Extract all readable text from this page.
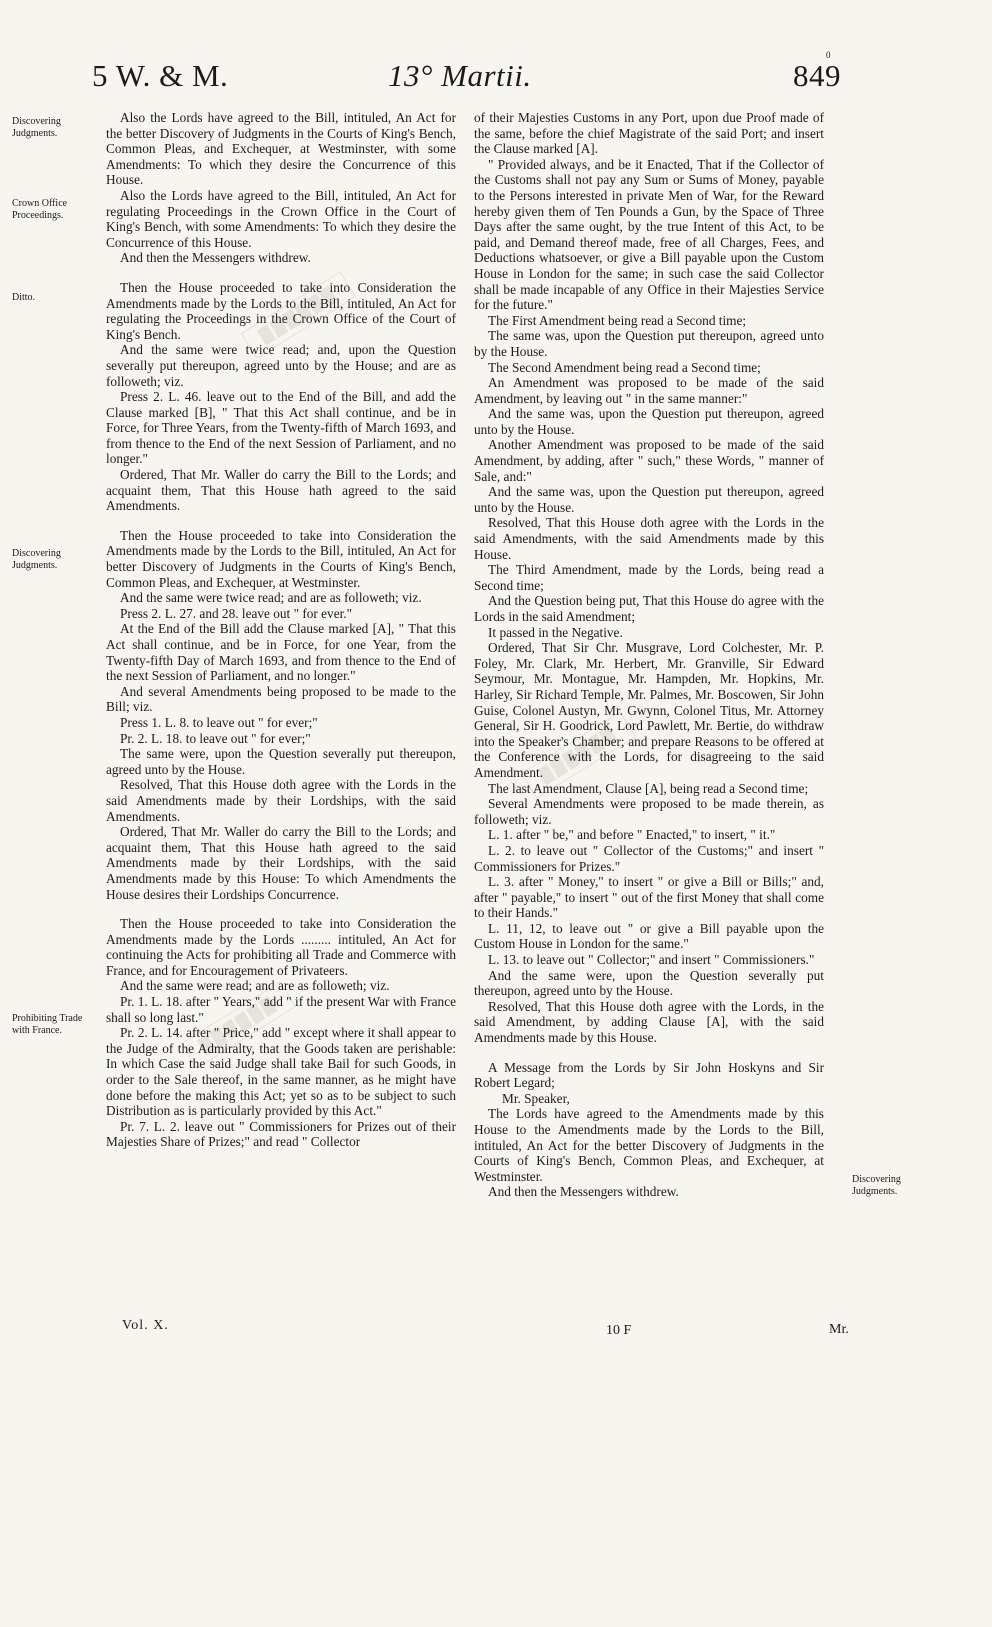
██████
██████
██████
5 W. & M.	13° Martii.	849
0
Discovering Judgments.
Crown Office Proceedings.
Ditto.
Discovering Judgments.
Prohibiting Trade with France.
Discovering Judgments.

Also the Lords have agreed to the Bill, intituled, An Act for the better Discovery of Judgments in the Courts of King's Bench, Common Pleas, and Exchequer, at Westminster, with some Amendments: To which they desire the Concurrence of this House.

Also the Lords have agreed to the Bill, intituled, An Act for regulating Proceedings in the Crown Office in the Court of King's Bench, with some Amendments: To which they desire the Concurrence of this House.

And then the Messengers withdrew.

Then the House proceeded to take into Consideration the Amendments made by the Lords to the Bill, intituled, An Act for regulating the Proceedings in the Crown Office of the Court of King's Bench.

And the same were twice read; and, upon the Question severally put thereupon, agreed unto by the House; and are as followeth; viz.

Press 2. L. 46. leave out to the End of the Bill, and add the Clause marked [B], " That this Act shall continue, and be in Force, for Three Years, from the Twenty-fifth of March 1693, and from thence to the End of the next Session of Parliament, and no longer."

Ordered, That Mr. Waller do carry the Bill to the Lords; and acquaint them, That this House hath agreed to the said Amendments.

Then the House proceeded to take into Consideration the Amendments made by the Lords to the Bill, intituled, An Act for better Discovery of Judgments in the Courts of King's Bench, Common Pleas, and Exchequer, at Westminster.

And the same were twice read; and are as followeth; viz.

Press 2. L. 27. and 28. leave out " for ever."

At the End of the Bill add the Clause marked [A], " That this Act shall continue, and be in Force, for one Year, from the Twenty-fifth Day of March 1693, and from thence to the End of the next Session of Parliament, and no longer."

And several Amendments being proposed to be made to the Bill; viz.

Press 1. L. 8. to leave out " for ever;"

Pr. 2. L. 18. to leave out " for ever;"

The same were, upon the Question severally put thereupon, agreed unto by the House.

Resolved, That this House doth agree with the Lords in the said Amendments made by their Lordships, with the said Amendments.

Ordered, That Mr. Waller do carry the Bill to the Lords; and acquaint them, That this House hath agreed to the said Amendments made by their Lordships, with the said Amendments made by this House: To which Amendments the House desires their Lordships Concurrence.

Then the House proceeded to take into Consideration the Amendments made by the Lords ......... intituled, An Act for continuing the Acts for prohibiting all Trade and Commerce with France, and for Encouragement of Privateers.

And the same were read; and are as followeth; viz.

Pr. 1. L. 18. after " Years," add " if the present War with France shall so long last."

Pr. 2. L. 14. after " Price," add " except where it shall appear to the Judge of the Admiralty, that the Goods taken are perishable: In which Case the said Judge shall take Bail for such Goods, in order to the Sale thereof, in the same manner, as he might have done before the making this Act; yet so as to be subject to such Distribution as is particularly provided by this Act."

Pr. 7. L. 2. leave out " Commissioners for Prizes out of their Majesties Share of Prizes;" and read " Collector

of their Majesties Customs in any Port, upon due Proof made of the same, before the chief Magistrate of the said Port; and insert the Clause marked [A].

" Provided always, and be it Enacted, That if the Collector of the Customs shall not pay any Sum or Sums of Money, payable to the Persons interested in private Men of War, for the Reward hereby given them of Ten Pounds a Gun, by the Space of Three Days after the same ought, by the true Intent of this Act, to be paid, and Demand thereof made, free of all Charges, Fees, and Deductions whatsoever, or give a Bill payable upon the Custom House in London for the same; in such case the said Collector shall be made incapable of any Office in their Majesties Service for the future."

The First Amendment being read a Second time;

The same was, upon the Question put thereupon, agreed unto by the House.

The Second Amendment being read a Second time;

An Amendment was proposed to be made of the said Amendment, by leaving out " in the same manner:"

And the same was, upon the Question put thereupon, agreed unto by the House.

Another Amendment was proposed to be made of the said Amendment, by adding, after " such," these Words, " manner of Sale, and:"

And the same was, upon the Question put thereupon, agreed unto by the House.

Resolved, That this House doth agree with the Lords in the said Amendments, with the said Amendments made by this House.

The Third Amendment, made by the Lords, being read a Second time;

And the Question being put, That this House do agree with the Lords in the said Amendment;

It passed in the Negative.

Ordered, That Sir Chr. Musgrave, Lord Colchester, Mr. P. Foley, Mr. Clark, Mr. Herbert, Mr. Granville, Sir Edward Seymour, Mr. Montague, Mr. Hampden, Mr. Hopkins, Mr. Harley, Sir Richard Temple, Mr. Palmes, Mr. Boscowen, Sir John Guise, Colonel Austyn, Mr. Gwynn, Colonel Titus, Mr. Attorney General, Sir H. Goodrick, Lord Pawlett, Mr. Bertie, do withdraw into the Speaker's Chamber; and prepare Reasons to be offered at the Conference with the Lords, for disagreeing to the said Amendment.

The last Amendment, Clause [A], being read a Second time;

Several Amendments were proposed to be made therein, as followeth; viz.

L. 1. after " be," and before " Enacted," to insert, " it."

L. 2. to leave out " Collector of the Customs;" and insert " Commissioners for Prizes."

L. 3. after " Money," to insert " or give a Bill or Bills;" and, after " payable," to insert " out of the first Money that shall come to their Hands."

L. 11, 12, to leave out " or give a Bill payable upon the Custom House in London for the same."

L. 13. to leave out " Collector;" and insert " Commissioners."

And the same were, upon the Question severally put thereupon, agreed unto by the House.

Resolved, That this House doth agree with the Lords, in the said Amendment, by adding Clause [A], with the said Amendments made by this House.

A Message from the Lords by Sir John Hoskyns and Sir Robert Legard;

Mr. Speaker,

The Lords have agreed to the Amendments made by this House to the Amendments made by the Lords to the Bill, intituled, An Act for the better Discovery of Judgments in the Courts of King's Bench, Common Pleas, and Exchequer, at Westminster.

And then the Messengers withdrew.

Vol. X.	10 F	Mr.
